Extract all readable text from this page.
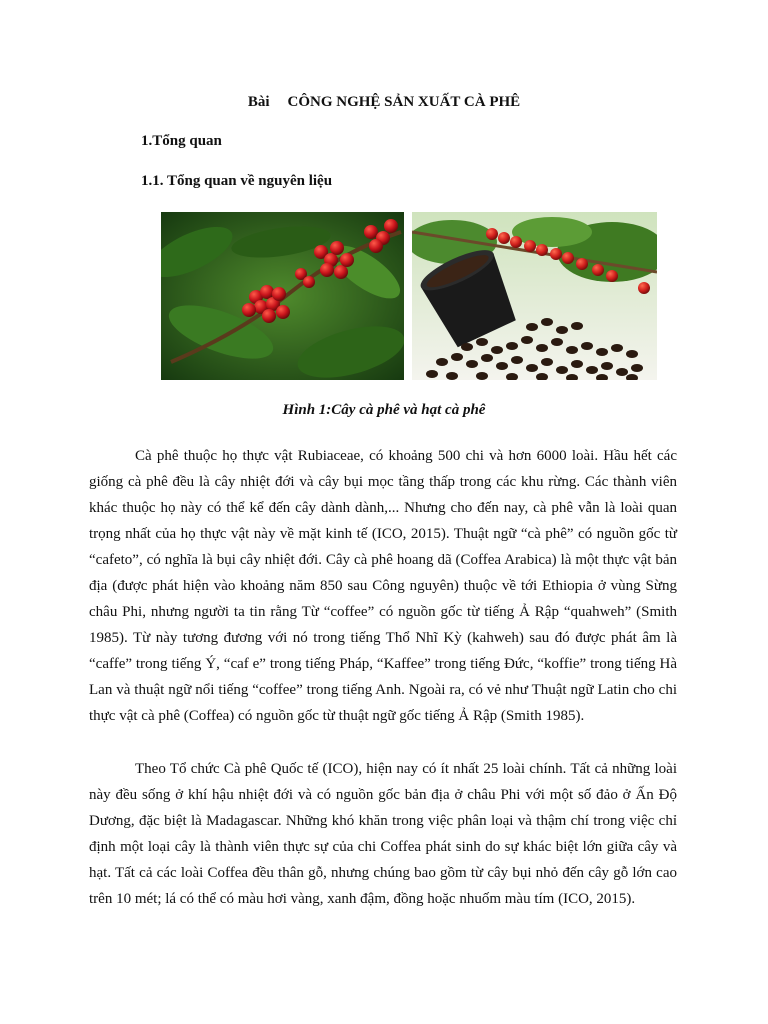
Bài CÔNG NGHỆ SẢN XUẤT CÀ PHÊ
1.Tổng quan
1.1. Tổng quan về nguyên liệu
Hình 1:Cây cà phê và hạt cà phê

Cà phê thuộc họ thực vật Rubiaceae, có khoảng 500 chi và hơn 6000 loài. Hầu hết các giống cà phê đều là cây nhiệt đới và cây bụi mọc tầng thấp trong các khu rừng. Các thành viên khác thuộc họ này có thể kể đến cây dành dành,... Nhưng cho đến nay, cà phê vẫn là loài quan trọng nhất của họ thực vật này về mặt kinh tế (ICO, 2015). Thuật ngữ “cà phê” có nguồn gốc từ “cafeto”, có nghĩa là bụi cây nhiệt đới. Cây cà phê hoang dã (Coffea Arabica) là một thực vật bản địa (được phát hiện vào khoảng năm 850 sau Công nguyên) thuộc về tới Ethiopia ở vùng Sừng châu Phi, nhưng người ta tin rằng Từ “coffee” có nguồn gốc từ tiếng Ả Rập “quahweh” (Smith 1985). Từ này tương đương với nó trong tiếng Thổ Nhĩ Kỳ (kahweh) sau đó được phát âm là “caffe” trong tiếng Ý, “caf e” trong tiếng Pháp, “Kaffee” trong tiếng Đức, “koffie” trong tiếng Hà Lan và thuật ngữ nổi tiếng “coffee” trong tiếng Anh. Ngoài ra, có vẻ như Thuật ngữ Latin cho chi thực vật cà phê (Coffea) có nguồn gốc từ thuật ngữ gốc tiếng Ả Rập (Smith 1985).

Theo Tổ chức Cà phê Quốc tế (ICO), hiện nay có ít nhất 25 loài chính. Tất cả những loài này đều sống ở khí hậu nhiệt đới và có nguồn gốc bản địa ở châu Phi với một số đảo ở Ấn Độ Dương, đặc biệt là Madagascar. Những khó khăn trong việc phân loại và thậm chí trong việc chỉ định một loại cây là thành viên thực sự của chi Coffea phát sinh do sự khác biệt lớn giữa cây và hạt. Tất cả các loài Coffea đều thân gỗ, nhưng chúng bao gồm từ cây bụi nhỏ đến cây gỗ lớn cao trên 10 mét; lá có thể có màu hơi vàng, xanh đậm, đồng hoặc nhuốm màu tím (ICO, 2015).
